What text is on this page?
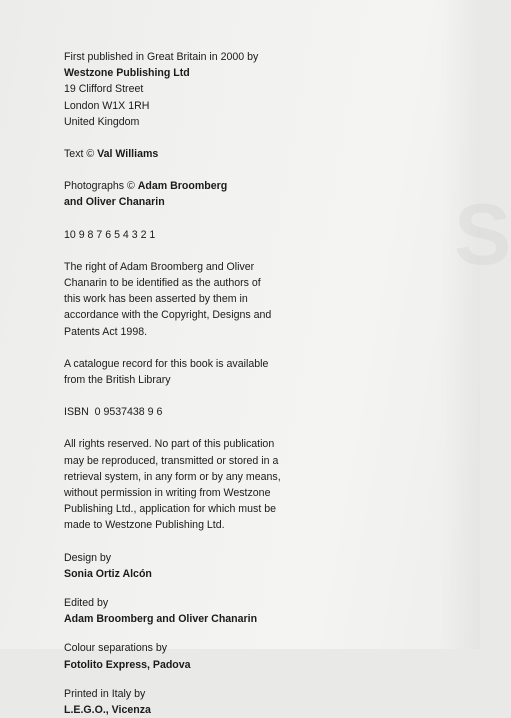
First published in Great Britain in 2000 by
Westzone Publishing Ltd
19 Clifford Street
London W1X 1RH
United Kingdom
Text © Val Williams
Photographs © Adam Broomberg
and Oliver Chanarin
10 9 8 7 6 5 4 3 2 1
The right of Adam Broomberg and Oliver
Chanarin to be identified as the authors of
this work has been asserted by them in
accordance with the Copyright, Designs and
Patents Act 1998.
A catalogue record for this book is available
from the British Library
ISBN 0 9537438 9 6
All rights reserved. No part of this publication
may be reproduced, transmitted or stored in a
retrieval system, in any form or by any means,
without permission in writing from Westzone
Publishing Ltd., application for which must be
made to Westzone Publishing Ltd.
Design by
Sonia Ortiz Alcón
Edited by
Adam Broomberg and Oliver Chanarin
Colour separations by
Fotolito Express, Padova
Printed in Italy by
L.E.G.O., Vicenza
